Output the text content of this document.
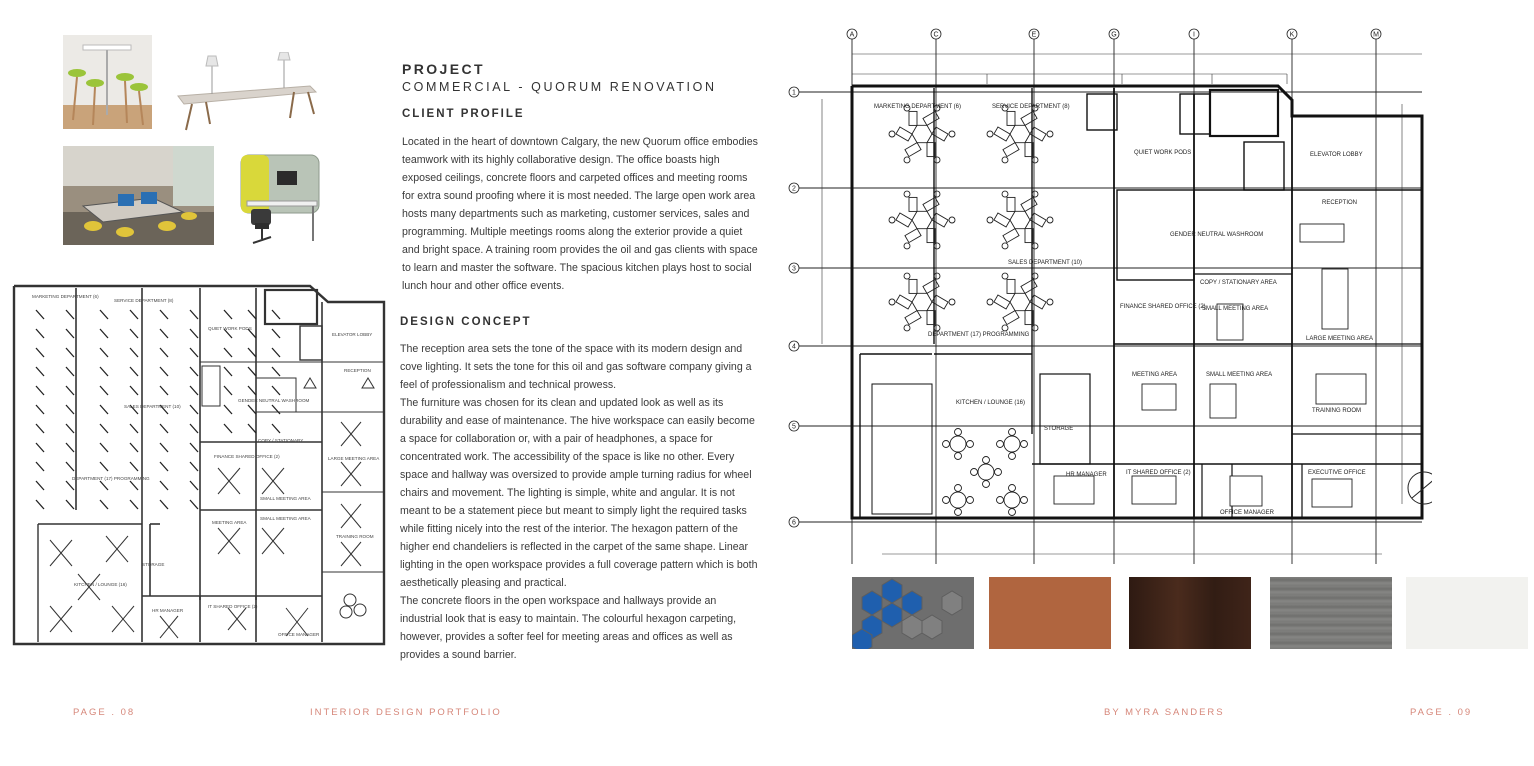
MARKETING DEPARTMENT (6)
SERVICE DEPARTMENT (8)
QUIET WORK PODS
ELEVATOR LOBBY
RECEPTION
SALES DEPARTMENT (10)
GENDER NEUTRAL WASHROOM
COPY / STATIONARY
LARGE MEETING AREA
FINANCE SHARED OFFICE (2)
DEPARTMENT (17) PROGRAMMING
SMALL MEETING AREA
MEETING AREA
SMALL MEETING AREA
TRAINING ROOM
STORAGE
KITCHEN / LOUNGE (16)
HR MANAGER
IT SHARED OFFICE (2)
OFFICE MANAGER
PROJECT
COMMERCIAL - QUORUM RENOVATION
CLIENT PROFILE
Located in the heart of downtown Calgary, the new Quorum office embodies teamwork with its highly collaborative design. The office boasts high exposed ceilings, concrete floors and carpeted offices and meeting rooms for extra sound proofing where it is most needed. The large open work area hosts many departments such as marketing, customer services, sales and programming. Multiple meetings rooms along the exterior provide a quiet and bright space. A training room provides the oil and gas clients with space to learn and master the software. The spacious kitchen plays host to social lunch hour and other office events.
DESIGN CONCEPT

The reception area sets the tone of the space with its modern design and cove lighting. It sets the tone for this oil and gas software company giving a feel of professionalism and technical prowess.

The furniture was chosen for its clean and updated look as well as its durability and ease of maintenance. The hive workspace can easily become a space for collaboration or, with a pair of headphones, a space for concentrated work. The accessibility of the space is like no other. Every space and hallway was oversized to provide ample turning radius for wheel chairs and movement. The lighting is simple, white and angular. It is not meant to be a statement piece but meant to simply light the required tasks while fitting nicely into the rest of the interior. The hexagon pattern of the higher end chandeliers is reflected in the carpet of the same shape. Linear lighting in the open workspace provides a full coverage pattern which is both aesthetically pleasing and practical.

The concrete floors in the open workspace and hallways provide an industrial look that is easy to maintain. The colourful hexagon carpeting, however, provides a softer feel for meeting areas and offices as well as provides a sound barrier.

A	C	E	G	I	K	M
1
2
3
4
5
6
MARKETING DEPARTMENT (6)	SERVICE DEPARTMENT (8)
QUIET WORK PODS	ELEVATOR LOBBY
RECEPTION
GENDER NEUTRAL WASHROOM
SALES DEPARTMENT (10)
COPY / STATIONARY AREA
SMALL MEETING AREA
FINANCE SHARED OFFICE (2)
DEPARTMENT (17) PROGRAMMING
LARGE MEETING AREA
KITCHEN / LOUNGE (16)
MEETING AREA	SMALL MEETING AREA
TRAINING ROOM
STORAGE
HR MANAGER	IT SHARED OFFICE (2)
OFFICE MANAGER
EXECUTIVE OFFICE
PAGE . 08	INTERIOR DESIGN PORTFOLIO	BY MYRA SANDERS	PAGE . 09
